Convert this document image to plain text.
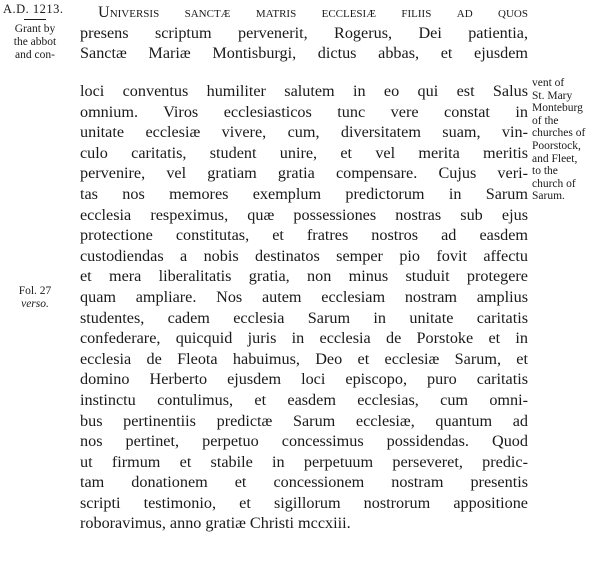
A.D. 1213.
Grant by
the abbot
and con-
Fol. 27
verso.
vent of
St. Mary
Monteburg
of the
churches of
Poorstock,
and Fleet,
to the
church of
Sarum.
Universis sanctæ matris ecclesiæ filiis ad quos
presens scriptum pervenerit, Rogerus, Dei patientia,
Sanctæ Mariæ Montisburgi, dictus abbas, et ejusdem
loci conventus humiliter salutem in eo qui est Salus
omnium. Viros ecclesiasticos tunc vere constat in
unitate ecclesiæ vivere, cum, diversitatem suam, vin-
culo caritatis, student unire, et vel merita meritis
pervenire, vel gratiam gratia compensare. Cujus veri-
tas nos memores exemplum predictorum in Sarum
ecclesia respeximus, quæ possessiones nostras sub ejus
protectione constitutas, et fratres nostros ad easdem
custodiendas a nobis destinatos semper pio fovit affectu
et mera liberalitatis gratia, non minus studuit protegere
quam ampliare. Nos autem ecclesiam nostram amplius
studentes, cadem ecclesia Sarum in unitate caritatis
confederare, quicquid juris in ecclesia de Porstoke et in
ecclesia de Fleota habuimus, Deo et ecclesiæ Sarum, et
domino Herberto ejusdem loci episcopo, puro caritatis
instinctu contulimus, et easdem ecclesias, cum omni-
bus pertinentiis predictæ Sarum ecclesiæ, quantum ad
nos pertinet, perpetuo concessimus possidendas. Quod
ut firmum et stabile in perpetuum perseveret, predic-
tam donationem et concessionem nostram presentis
scripti testimonio, et sigillorum nostrorum appositione
roboravimus, anno gratiæ Christi mccxiii.
